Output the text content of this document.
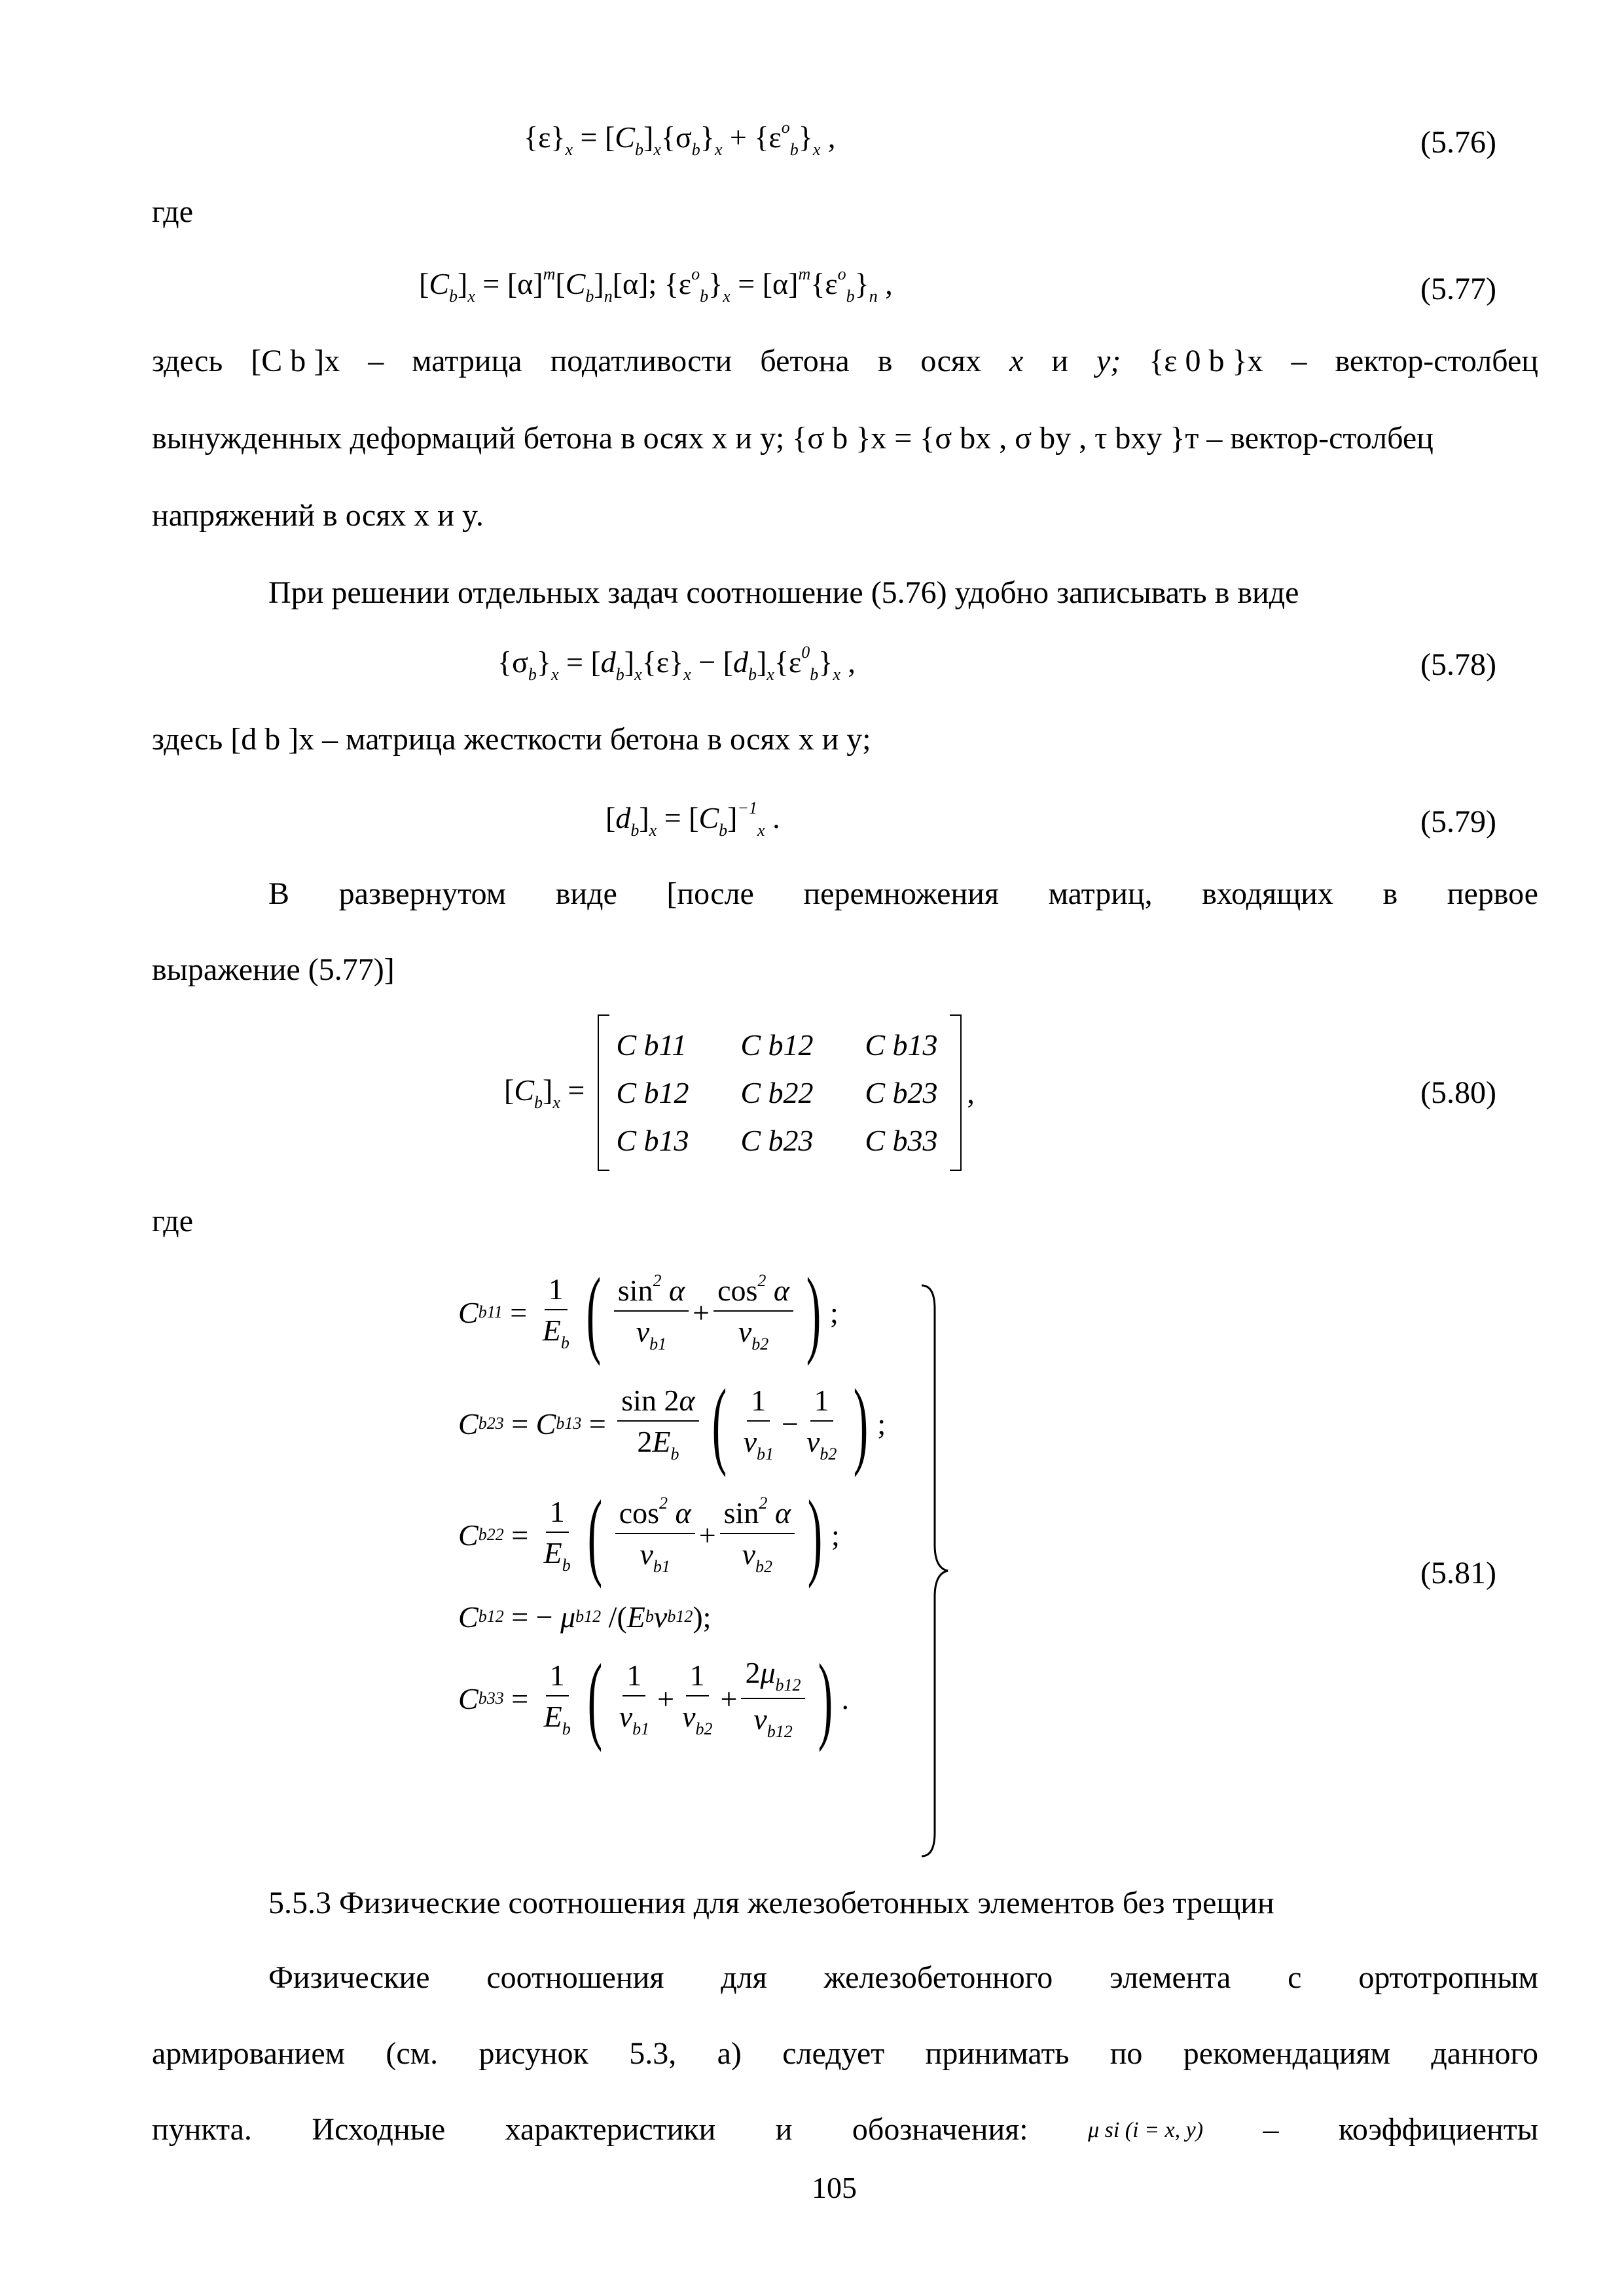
$\{\varepsilon\}_x = [C_b]_x\{\sigma_b\}_x + \{\varepsilon^o_b\}_x$ ,	(5.76)
где
$[C_b]_x = [\alpha]^m[C_b]_n[\alpha]$; $\{\varepsilon^o_b\}_x = [\alpha]^m\{\varepsilon^o_b\}_n$ ,	(5.77)
здесь [C b ]x – матрица податливости бетона в осях x и y; {ε 0 b }x – вектор-столбец
вынужденных деформаций бетона в осях x и y; {σ b }x = {σ bx , σ by , τ bxy }т – вектор-столбец
напряжений в осях x и y.
При решении отдельных задач соотношение (5.76) удобно записывать в виде
$\{\sigma_b\}_x = [d_b]_x\{\varepsilon\}_x - [d_b]_x\{\varepsilon^0_b\}_x$ ,	(5.78)
здесь [d b ]x – матрица жесткости бетона в осях x и y;
$[d_b]_x = [C_b]^{-1}_x$ .	(5.79)
В развернутом виде [после перемножения матриц, входящих в первое
выражение (5.77)]
$[C_b]_x$ =
C b11 C b12 C b13
C b12 C b22 C b23
C b13 C b23 C b33
,	(5.80)
где
C $b11 = \frac{1}{E_b}$ ( $\frac{\sin^2 \alpha}{\nu_{b1}} + \frac{\cos^2 \alpha}{\nu_{b2}}$ ) ;
C b23 = C $b13 = \frac{\sin 2\alpha}{2E_b}$ ( $\frac{1}{\nu_{b1}} - \frac{1}{\nu_{b2}}$ ) ;
C $b22 = \frac{1}{E_b}$ ( $\frac{\cos^2 \alpha}{\nu_{b1}} + \frac{\sin^2 \alpha}{\nu_{b2}}$ ) ;
C b12 = − μ b12 /( E b ν b12 );
C $b33 = \frac{1}{E_b}$ ( $\frac{1}{\nu_{b1}} + \frac{1}{\nu_{b2}} + \frac{2\mu_{b12}}{\nu_{b12}}$ ) .
(5.81)
5.5.3 Физические соотношения для железобетонных элементов без трещин
Физические соотношения для железобетонного элемента с ортотропным
армированием (см. рисунок 5.3, а) следует принимать по рекомендациям данного
пункта. Исходные характеристики и обозначения:	μ si (i = x, y) – коэффициенты
105
